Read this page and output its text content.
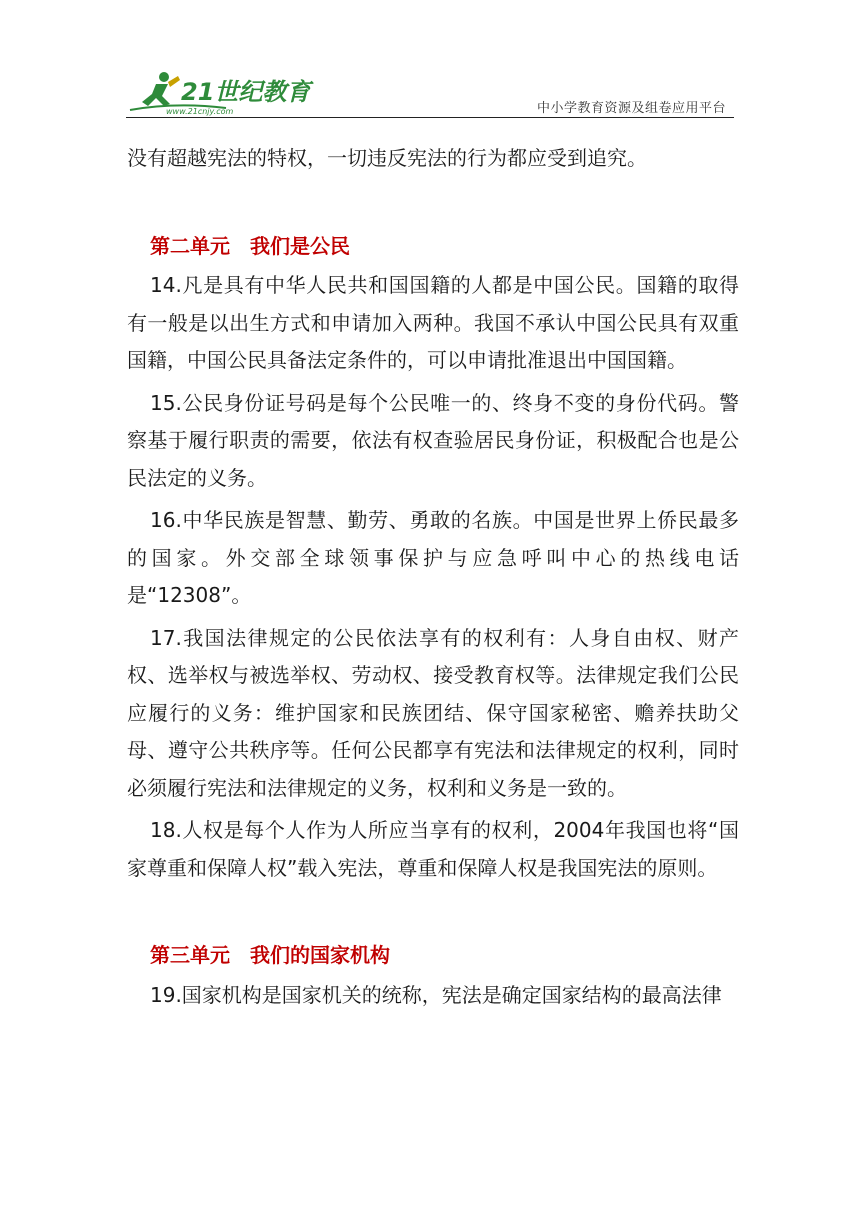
21世纪教育
www.21cnjy.com	中小学教育资源及组卷应用平台

没有超越宪法的特权，一切违反宪法的行为都应受到追究。

第二单元　我们是公民

14.凡是具有中华人民共和国国籍的人都是中国公民。国籍的取得有一般是以出生方式和申请加入两种。我国不承认中国公民具有双重国籍，中国公民具备法定条件的，可以申请批准退出中国国籍。

15.公民身份证号码是每个公民唯一的、终身不变的身份代码。警察基于履行职责的需要，依法有权查验居民身份证，积极配合也是公民法定的义务。

16.中华民族是智慧、勤劳、勇敢的名族。中国是世界上侨民最多的国家。外交部全球领事保护与应急呼叫中心的热线电话是“12308”。

17.我国法律规定的公民依法享有的权利有：人身自由权、财产权、选举权与被选举权、劳动权、接受教育权等。法律规定我们公民应履行的义务：维护国家和民族团结、保守国家秘密、赡养扶助父母、遵守公共秩序等。任何公民都享有宪法和法律规定的权利，同时必须履行宪法和法律规定的义务，权利和义务是一致的。

18.人权是每个人作为人所应当享有的权利，2004年我国也将“国家尊重和保障人权”载入宪法，尊重和保障人权是我国宪法的原则。

第三单元　我们的国家机构

19.国家机构是国家机关的统称，宪法是确定国家结构的最高法律
